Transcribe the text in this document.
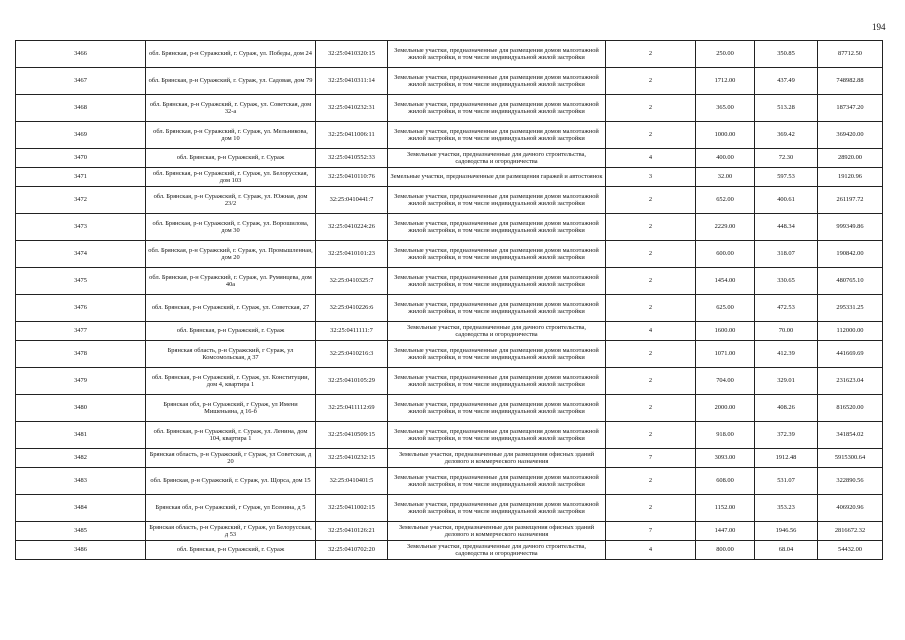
194
3466	обл. Брянская, р-н Суражский, г. Сураж, ул. Победы, дом 24	32:25:0410320:15	Земельные участки, предназначенные для размещения домов малоэтажной жилой застройки, в том числе индивидуальной жилой застройки	2	250.00	350.85	87712.50
3467	обл. Брянская, р-н Суражский, г. Сураж, ул. Садовая, дом 79	32:25:0410311:14	Земельные участки, предназначенные для размещения домов малоэтажной жилой застройки, в том числе индивидуальной жилой застройки	2	1712.00	437.49	748982.88
3468	обл. Брянская, р-н Суражский, г. Сураж, ул. Советская, дом 32-а	32:25:0410232:31	Земельные участки, предназначенные для размещения домов малоэтажной жилой застройки, в том числе индивидуальной жилой застройки	2	365.00	513.28	187347.20
3469	обл. Брянская, р-н Суражский, г. Сураж, ул. Мельникова, дом 10	32:25:0411006:11	Земельные участки, предназначенные для размещения домов малоэтажной жилой застройки, в том числе индивидуальной жилой застройки	2	1000.00	369.42	369420.00
3470	обл. Брянская, р-н Суражский, г. Сураж	32:25:0410552:33	Земельные участки, предназначенные для дачного строительства, садоводства и огородничества	4	400.00	72.30	28920.00
3471	обл. Брянская, р-н Суражский, г. Сураж, ул. Белорусская, дом 103	32:25:0410110:76	Земельные участки, предназначенные для размещения гаражей и автостоянок	3	32.00	597.53	19120.96
3472	обл. Брянская, р-н Суражский, г. Сураж, ул. Южная, дом 23/2	32:25:0410441:7	Земельные участки, предназначенные для размещения домов малоэтажной жилой застройки, в том числе индивидуальной жилой застройки	2	652.00	400.61	261197.72
3473	обл. Брянская, р-н Суражский, г. Сураж, ул. Ворошилова, дом 30	32:25:0410224:26	Земельные участки, предназначенные для размещения домов малоэтажной жилой застройки, в том числе индивидуальной жилой застройки	2	2229.00	448.34	999349.86
3474	обл. Брянская, р-н Суражский, г. Сураж, ул. Промышленная, дом 20	32:25:0410101:23	Земельные участки, предназначенные для размещения домов малоэтажной жилой застройки, в том числе индивидуальной жилой застройки	2	600.00	318.07	190842.00
3475	обл. Брянская, р-н Суражский, г. Сураж, ул. Румянцева, дом 40а	32:25:0410325:7	Земельные участки, предназначенные для размещения домов малоэтажной жилой застройки, в том числе индивидуальной жилой застройки	2	1454.00	330.65	480765.10
3476	обл. Брянская, р-н Суражский, г. Сураж, ул. Советская, 27	32:25:0410226:6	Земельные участки, предназначенные для размещения домов малоэтажной жилой застройки, в том числе индивидуальной жилой застройки	2	625.00	472.53	295331.25
3477	обл. Брянская, р-н Суражский, г. Сураж	32:25:0411111:7	Земельные участки, предназначенные для дачного строительства, садоводства и огородничества	4	1600.00	70.00	112000.00
3478	Брянская область, р-н Суражский, г Сураж, ул Комсомольская, д 37	32:25:0410216:3	Земельные участки, предназначенные для размещения домов малоэтажной жилой застройки, в том числе индивидуальной жилой застройки	2	1071.00	412.39	441669.69
3479	обл. Брянская, р-н Суражский, г. Сураж, ул. Конституции, дом 4, квартира 1	32:25:0410105:29	Земельные участки, предназначенные для размещения домов малоэтажной жилой застройки, в том числе индивидуальной жилой застройки	2	704.00	329.01	231623.04
3480	Брянская обл, р-н Суражский, г Сураж, ул Имени Мишеньина, д 16-б	32:25:0411112:69	Земельные участки, предназначенные для размещения домов малоэтажной жилой застройки, в том числе индивидуальной жилой застройки	2	2000.00	408.26	816520.00
3481	обл. Брянская, р-н Суражский, г. Сураж, ул. Ленина, дом 104, квартира 1	32:25:0410509:15	Земельные участки, предназначенные для размещения домов малоэтажной жилой застройки, в том числе индивидуальной жилой застройки	2	918.00	372.39	341854.02
3482	Брянская область, р-н Суражский, г Сураж, ул Советская, д 20	32:25:0410232:15	Земельные участки, предназначенные для размещения офисных зданий делового и коммерческого назначения	7	3093.00	1912.48	5915300.64
3483	обл. Брянская, р-н Суражский, г. Сураж, ул. Щорса, дом 15	32:25:0410401:5	Земельные участки, предназначенные для размещения домов малоэтажной жилой застройки, в том числе индивидуальной жилой застройки	2	608.00	531.07	322890.56
3484	Брянская обл, р-н Суражский, г Сураж, ул Есенина, д 5	32:25:0411002:15	Земельные участки, предназначенные для размещения домов малоэтажной жилой застройки, в том числе индивидуальной жилой застройки	2	1152.00	353.23	406920.96
3485	Брянская область, р-н Суражский, г Сураж, ул Белорусская, д 53	32:25:0410126:21	Земельные участки, предназначенные для размещения офисных зданий делового и коммерческого назначения	7	1447.00	1946.56	2816672.32
3486	обл. Брянская, р-н Суражский, г. Сураж	32:25:0410702:20	Земельные участки, предназначенные для дачного строительства, садоводства и огородничества	4	800.00	68.04	54432.00
